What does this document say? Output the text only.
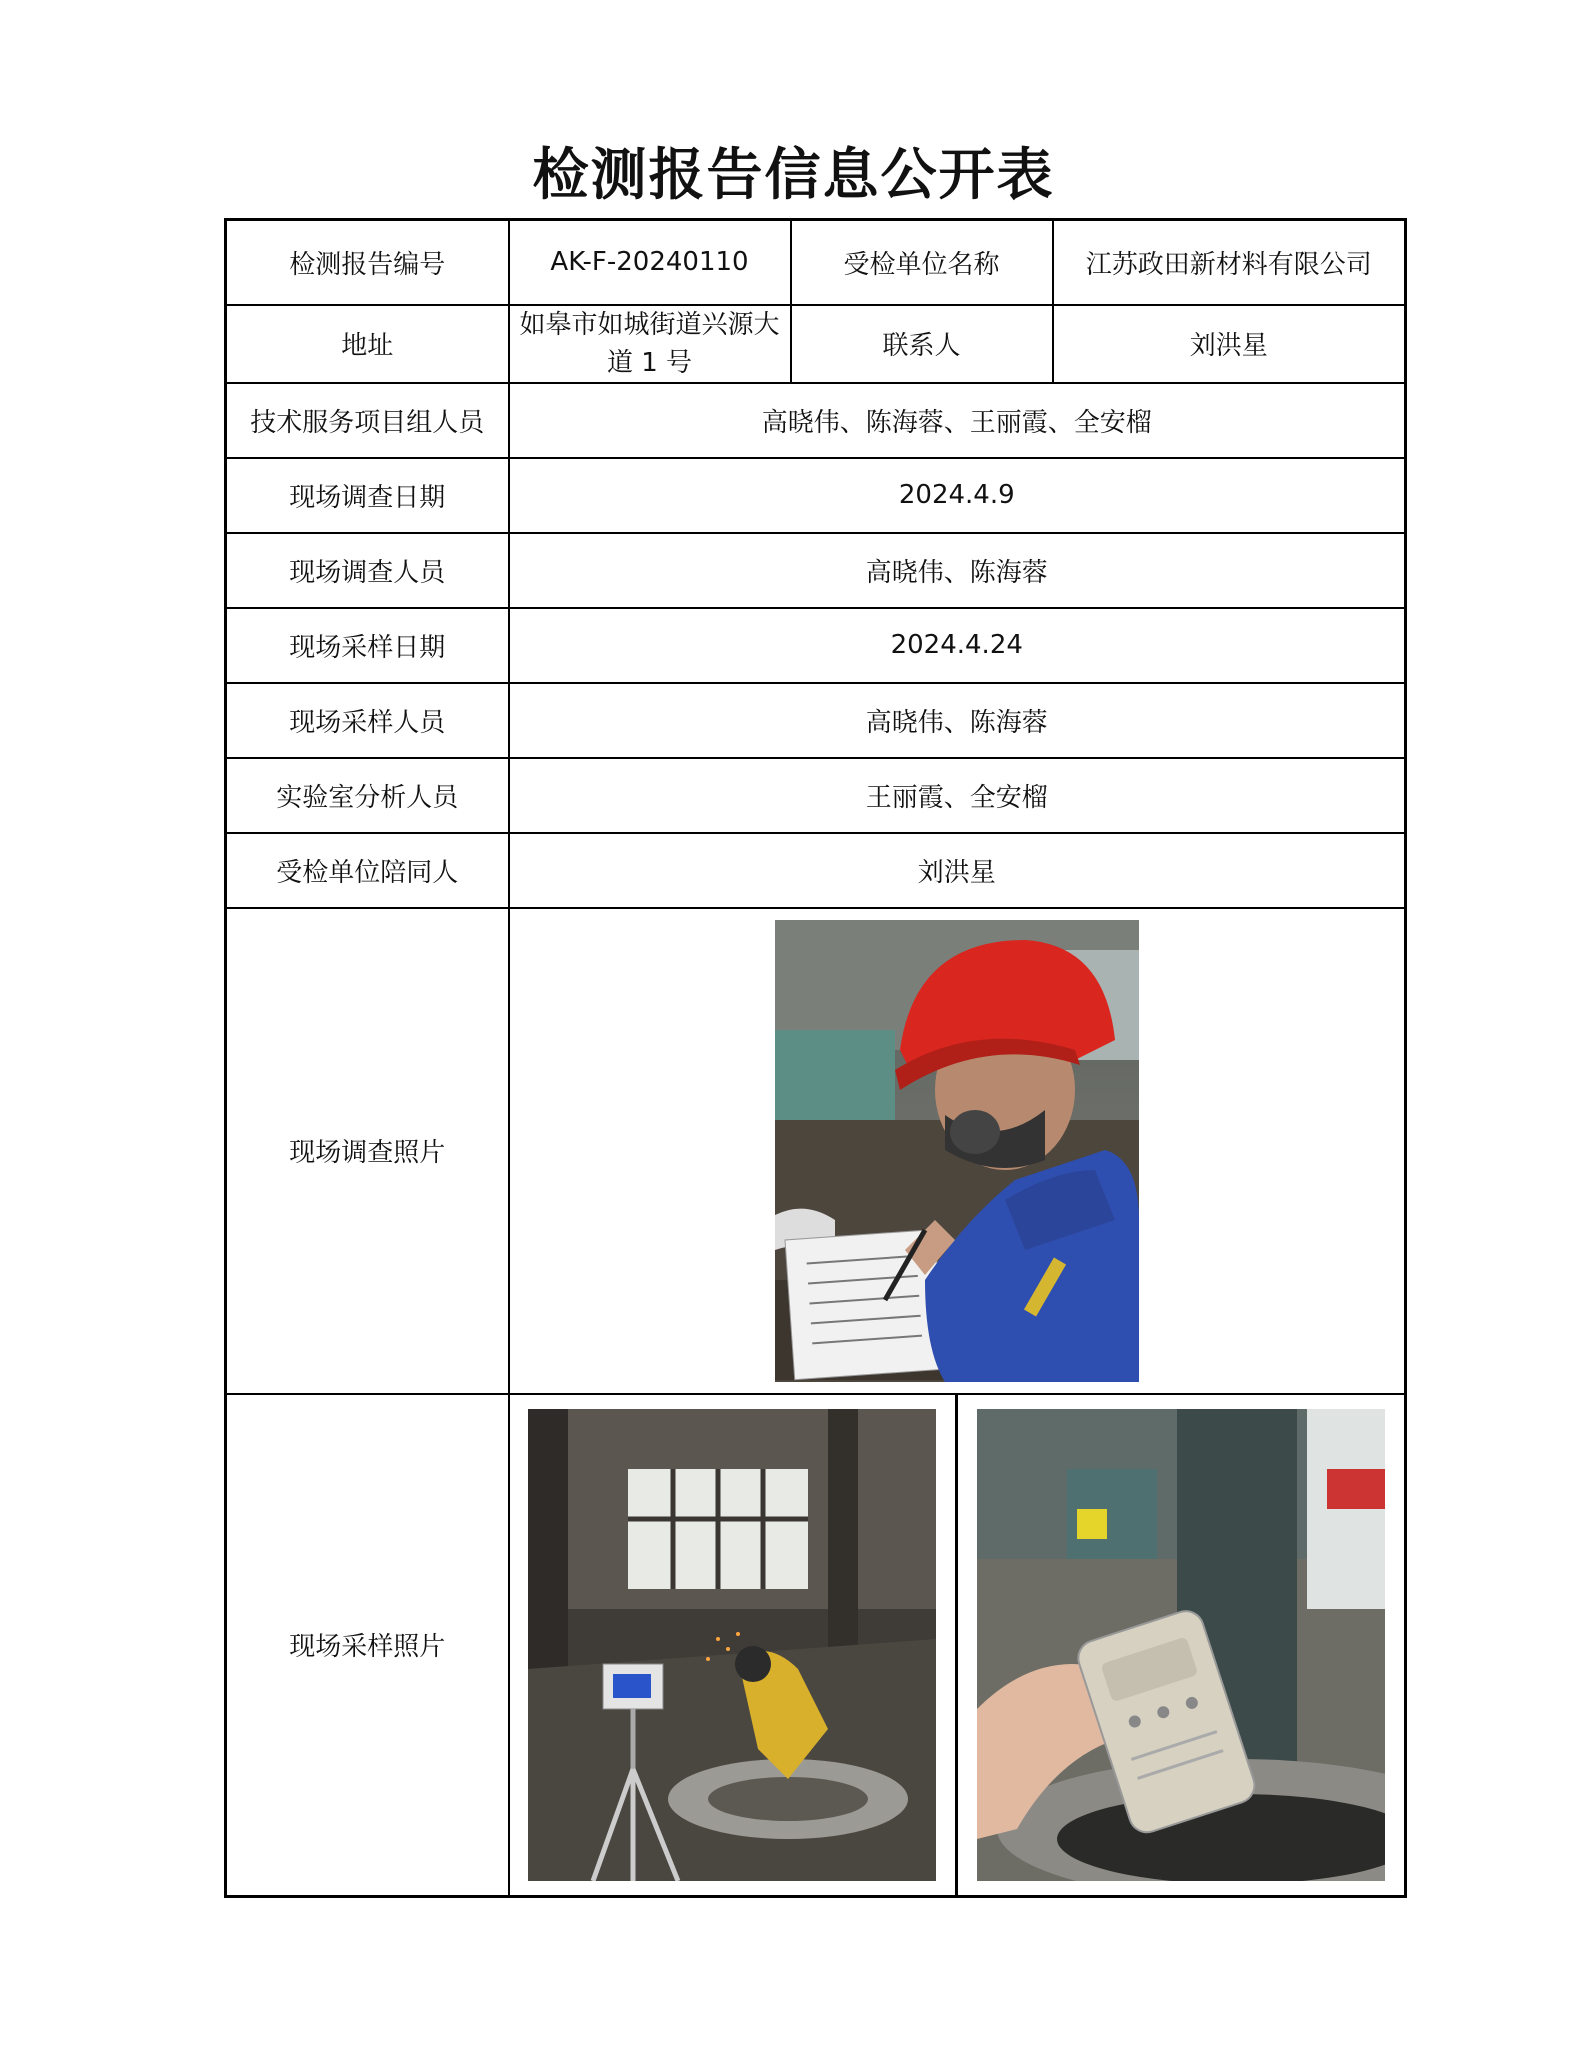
检测报告信息公开表
检测报告编号	AK-F-20240110	受检单位名称	江苏政田新材料有限公司
地址	如皋市如城街道兴源大道 1 号	联系人	刘洪星
技术服务项目组人员	高晓伟、陈海蓉、王丽霞、全安榴		
现场调查日期	2024.4.9		
现场调查人员	高晓伟、陈海蓉		
现场采样日期	2024.4.24		
现场采样人员	高晓伟、陈海蓉		
实验室分析人员	王丽霞、全安榴		
受检单位陪同人	刘洪星		
现场调查照片	

现场采样照片	
